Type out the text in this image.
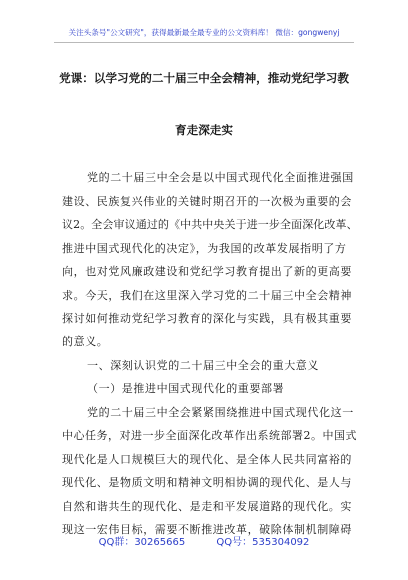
关注头条号"公文研究"，获得最新最全最专业的公文资料库！ 微信：gongwenyj
党课：以学习党的二十届三中全会精神，推动党纪学习教
育走深走实
党的二十届三中全会是以中国式现代化全面推进强国
建设、民族复兴伟业的关键时期召开的一次极为重要的会
议2。全会审议通过的《中共中央关于进一步全面深化改革、
推进中国式现代化的决定》，为我国的改革发展指明了方
向，也对党风廉政建设和党纪学习教育提出了新的更高要
求。今天，我们在这里深入学习党的二十届三中全会精神
探讨如何推动党纪学习教育的深化与实践，具有极其重要
的意义。
一、深刻认识党的二十届三中全会的重大意义
（一）是推进中国式现代化的重要部署
党的二十届三中全会紧紧围绕推进中国式现代化这一
中心任务，对进一步全面深化改革作出系统部署2。中国式
现代化是人口规模巨大的现代化、是全体人民共同富裕的
现代化、是物质文明和精神文明相协调的现代化、是人与
自然和谐共生的现代化、是走和平发展道路的现代化。实
现这一宏伟目标，需要不断推进改革，破除体制机制障碍
QQ群：30265665	QQ号：535304092
